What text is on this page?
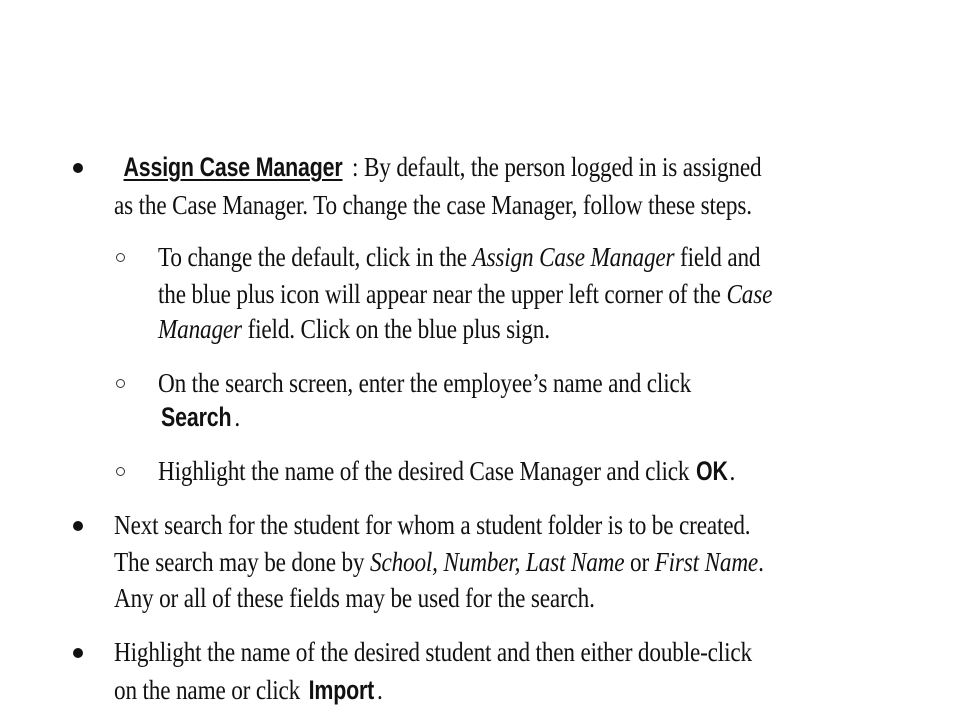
Assign Case Manager : By default, the person logged in is assigned
as the Case Manager. To change the case Manager, follow these steps.
To change the default, click in the Assign Case Manager field and
the blue plus icon will appear near the upper left corner of the Case
Manager field. Click on the blue plus sign.
On the search screen, enter the employee’s name and click
Search .
Highlight the name of the desired Case Manager and click OK.
Next search for the student for whom a student folder is to be created.
The search may be done by School, Number, Last Name or First Name.
Any or all of these fields may be used for the search.
Highlight the name of the desired student and then either double-click
on the name or click Import .
